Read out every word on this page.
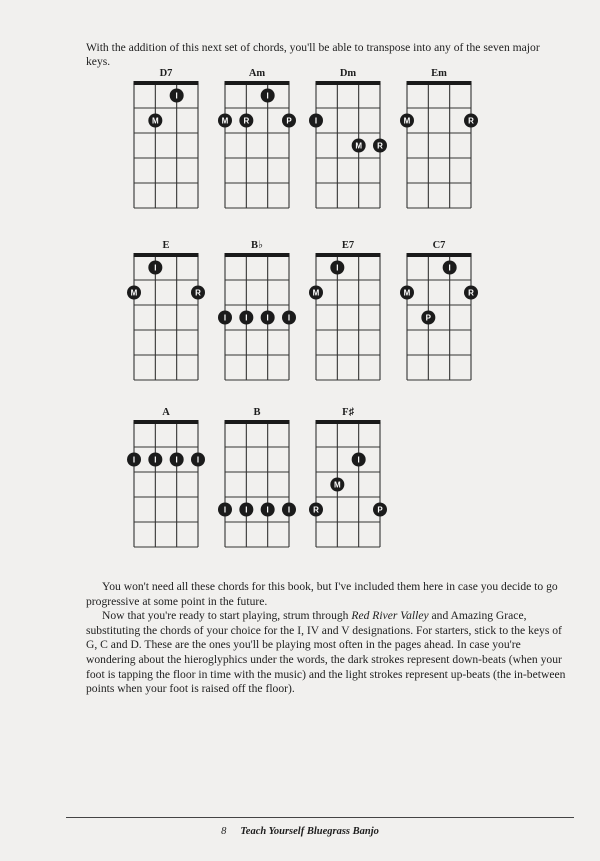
With the addition of this next set of chords, you'll be able to transpose into any of the seven major keys.

D7
I
M
Am
I
M R	P
Dm
I
M R
Em
M	R
E
I
M	R
B♭
I I I I
E7
I
M
C7
I
M	R
P
A
I I I I
B
I I I I
F♯
I
M
R	P

You won't need all these chords for this book, but I've included them here in case you decide to go progressive at some point in the future.

Now that you're ready to start playing, strum through Red River Valley and Amazing Grace, substituting the chords of your choice for the I, IV and V designations. For starters, stick to the keys of G, C and D. These are the ones you'll be playing most often in the pages ahead. In case you're wondering about the hieroglyphics under the words, the dark strokes represent down-beats (when your foot is tapping the floor in time with the music) and the light strokes represent up-beats (the in-between points when your foot is raised off the floor).

8 Teach Yourself Bluegrass Banjo
